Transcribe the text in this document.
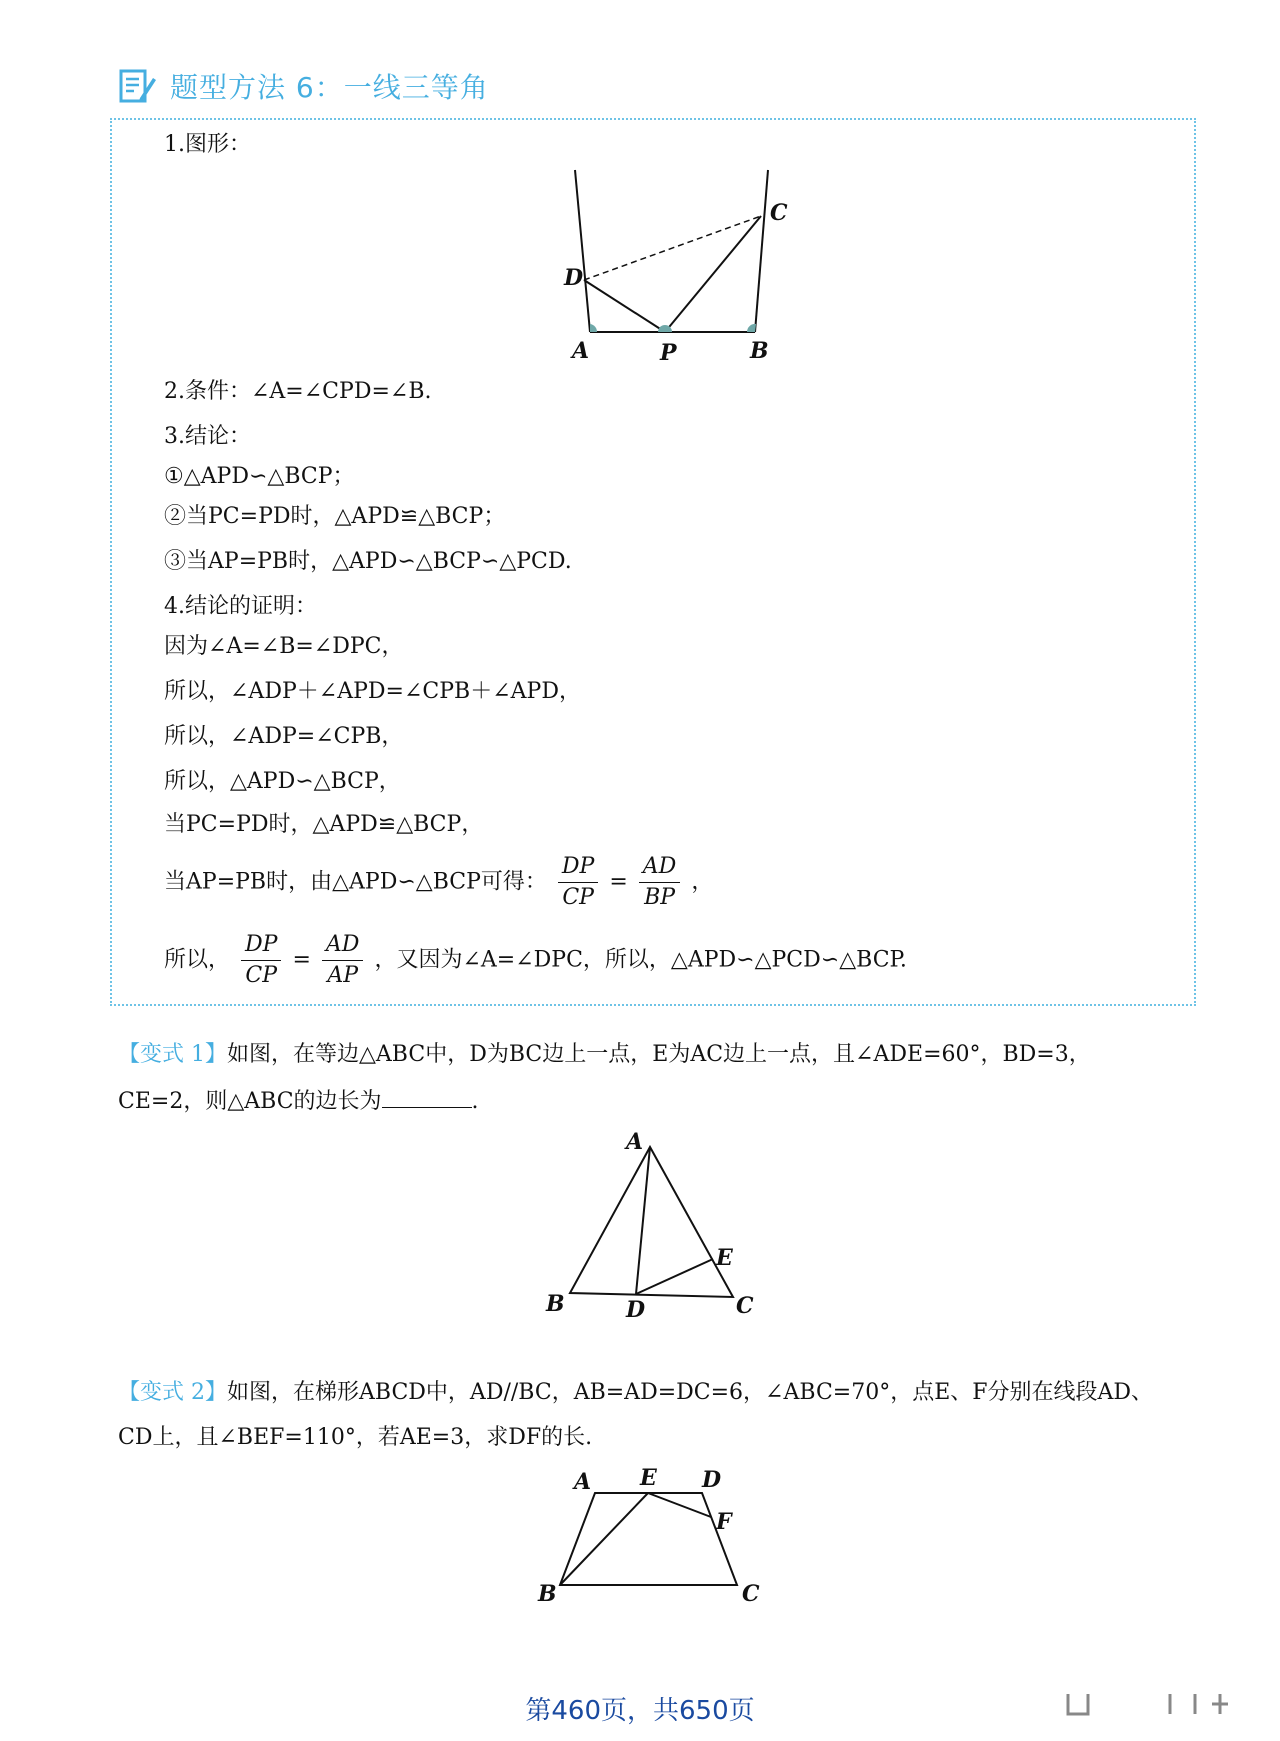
题型方法 6：一线三等角
1.图形：
D
C
A	P	B
2.条件：∠A=∠CPD=∠B.
3.结论：
①△APD∽△BCP；
②当PC=PD时，△APD≌△BCP；
③当AP=PB时，△APD∽△BCP∽△PCD.
4.结论的证明：
因为∠A=∠B=∠DPC，
所以，∠ADP＋∠APD=∠CPB＋∠APD，
所以，∠ADP=∠CPB，
所以，△APD∽△BCP，
当PC=PD时，△APD≌△BCP，
当AP=PB时，由△APD∽△BCP可得： $\frac{DP}{CP} = \frac{AD}{BP}$ ，
所以， $\frac{DP}{CP} = \frac{AD}{AP}$ ，又因为∠A=∠DPC，所以，△APD∽△PCD∽△BCP.
【变式 1】如图，在等边△ABC中，D为BC边上一点，E为AC边上一点，且∠ADE=60°，BD=3，
CE=2，则△ABC的边长为	.
A
B	D
E
C
【变式 2】如图，在梯形ABCD中，AD//BC，AB=AD=DC=6，∠ABC=70°，点E、F分别在线段AD、
CD上，且∠BEF=110°，若AE=3，求DF的长.
A E D
F
B	C
第460页，共650页
